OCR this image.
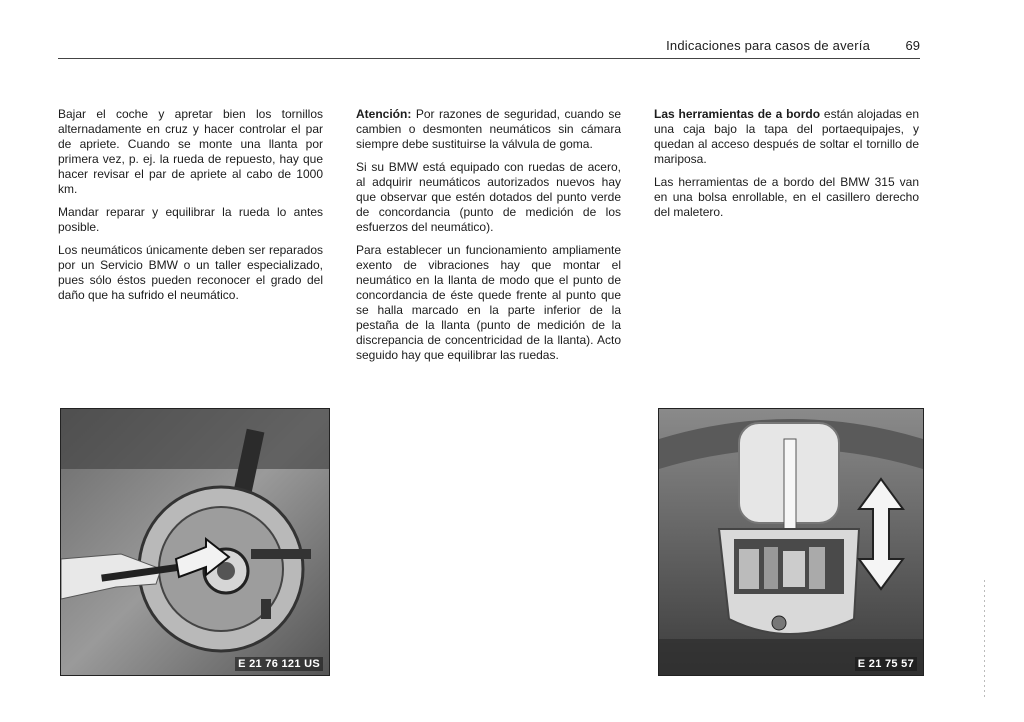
Indicaciones para casos de avería	69

Bajar el coche y apretar bien los tornillos alternadamente en cruz y hacer controlar el par de apriete. Cuando se monte una llanta por primera vez, p. ej. la rueda de repuesto, hay que hacer revisar el par de apriete al cabo de 1000 km.

Mandar reparar y equilibrar la rueda lo antes posible.

Los neumáticos únicamente deben ser reparados por un Servicio BMW o un taller especializado, pues sólo éstos pueden reconocer el grado del daño que ha sufrido el neumático.

Atención: Por razones de seguridad, cuando se cambien o desmonten neumáticos sin cámara siempre debe sustituirse la válvula de goma.

Si su BMW está equipado con ruedas de acero, al adquirir neumáticos autorizados nuevos hay que observar que estén dotados del punto verde de concordancia (punto de medición de los esfuerzos del neumático).

Para establecer un funcionamiento ampliamente exento de vibraciones hay que montar el neumático en la llanta de modo que el punto de concordancia de éste quede frente al punto que se halla marcado en la parte inferior de la pestaña de la llanta (punto de medición de la discrepancia de concentricidad de la llanta). Acto seguido hay que equilibrar las ruedas.

Las herramientas de a bordo están alojadas en una caja bajo la tapa del portaequipajes, y quedan al acceso después de soltar el tornillo de mariposa.

Las herramientas de a bordo del BMW 315 van en una bolsa enrollable, en el casillero derecho del maletero.

E 21 76 121 US	E 21 75 57
